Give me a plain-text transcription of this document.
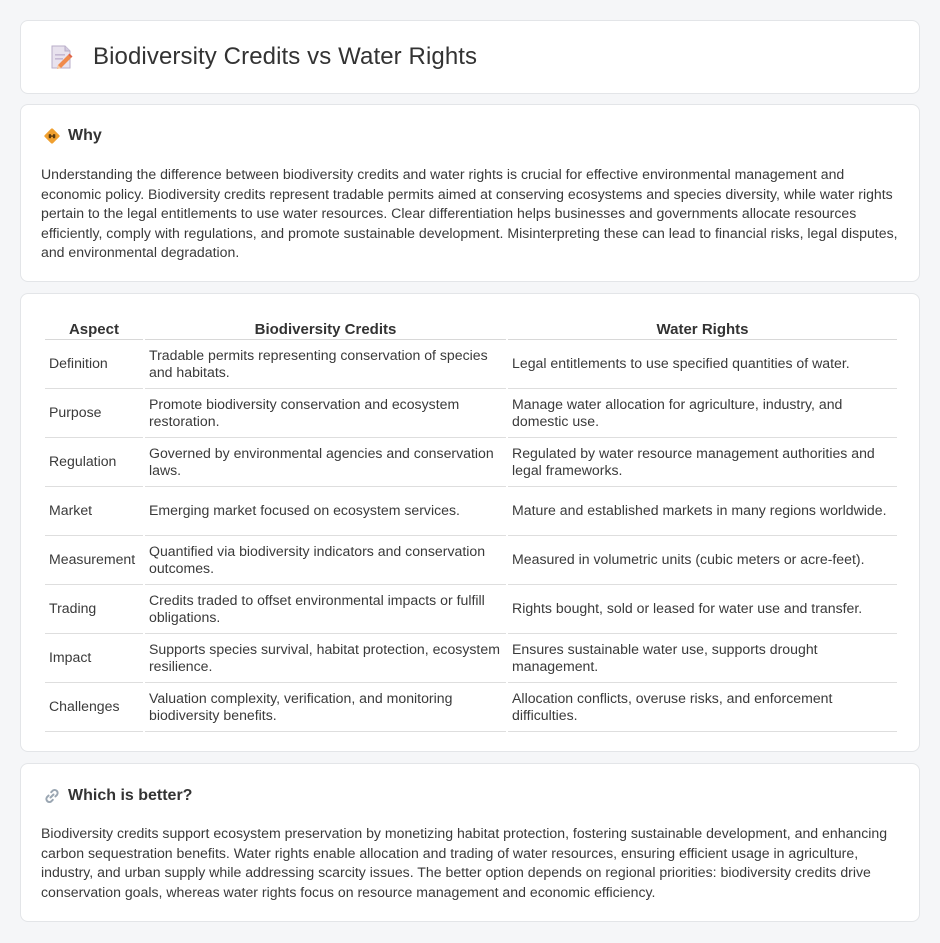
Biodiversity Credits vs Water Rights
Why

Understanding the difference between biodiversity credits and water rights is crucial for effective environmental management and economic policy. Biodiversity credits represent tradable permits aimed at conserving ecosystems and species diversity, while water rights pertain to the legal entitlements to use water resources. Clear differentiation helps businesses and governments allocate resources efficiently, comply with regulations, and promote sustainable development. Misinterpreting these can lead to financial risks, legal disputes, and environmental degradation.

Aspect	Biodiversity Credits	Water Rights
Definition	Tradable permits representing conservation of species and habitats.	Legal entitlements to use specified quantities of water.
Purpose	Promote biodiversity conservation and ecosystem restoration.	Manage water allocation for agriculture, industry, and domestic use.
Regulation	Governed by environmental agencies and conservation laws.	Regulated by water resource management authorities and legal frameworks.
Market	Emerging market focused on ecosystem services.	Mature and established markets in many regions worldwide.
Measurement	Quantified via biodiversity indicators and conservation outcomes.	Measured in volumetric units (cubic meters or acre-feet).
Trading	Credits traded to offset environmental impacts or fulfill obligations.	Rights bought, sold or leased for water use and transfer.
Impact	Supports species survival, habitat protection, ecosystem resilience.	Ensures sustainable water use, supports drought management.
Challenges	Valuation complexity, verification, and monitoring biodiversity benefits.	Allocation conflicts, overuse risks, and enforcement difficulties.
Which is better?

Biodiversity credits support ecosystem preservation by monetizing habitat protection, fostering sustainable development, and enhancing carbon sequestration benefits. Water rights enable allocation and trading of water resources, ensuring efficient usage in agriculture, industry, and urban supply while addressing scarcity issues. The better option depends on regional priorities: biodiversity credits drive conservation goals, whereas water rights focus on resource management and economic efficiency.
